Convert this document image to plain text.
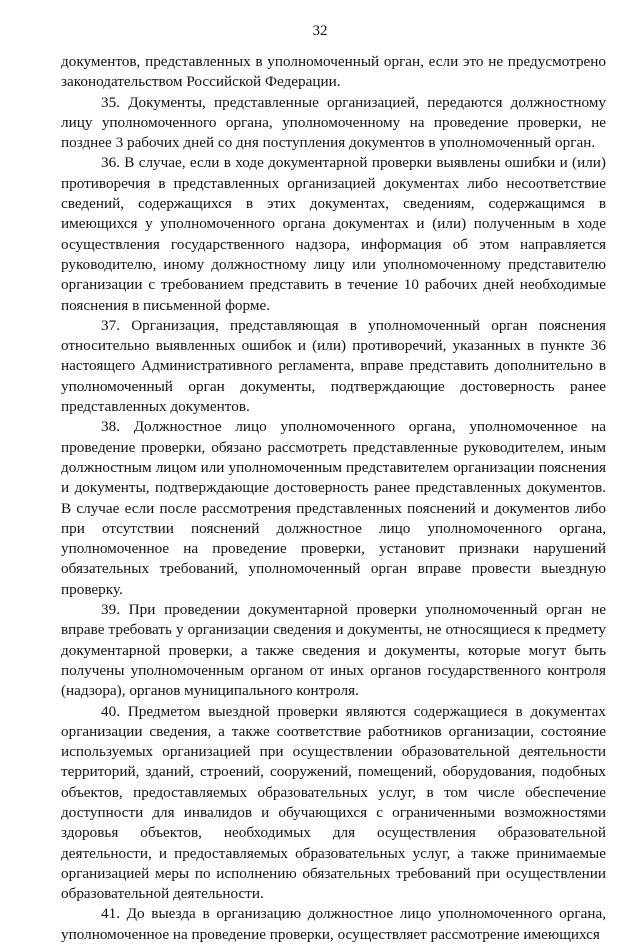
32

документов, представленных в уполномоченный орган, если это не предусмотрено законодательством Российской Федерации.

35. Документы, представленные организацией, передаются должностному лицу уполномоченного органа, уполномоченному на проведение проверки, не позднее 3 рабочих дней со дня поступления документов в уполномоченный орган.

36. В случае, если в ходе документарной проверки выявлены ошибки и (или) противоречия в представленных организацией документах либо несоответствие сведений, содержащихся в этих документах, сведениям, содержащимся в имеющихся у уполномоченного органа документах и (или) полученным в ходе осуществления государственного надзора, информация об этом направляется руководителю, иному должностному лицу или уполномоченному представителю организации с требованием представить в течение 10 рабочих дней необходимые пояснения в письменной форме.

37. Организация, представляющая в уполномоченный орган пояснения относительно выявленных ошибок и (или) противоречий, указанных в пункте 36 настоящего Административного регламента, вправе представить дополнительно в уполномоченный орган документы, подтверждающие достоверность ранее представленных документов.

38. Должностное лицо уполномоченного органа, уполномоченное на проведение проверки, обязано рассмотреть представленные руководителем, иным должностным лицом или уполномоченным представителем организации пояснения и документы, подтверждающие достоверность ранее представленных документов. В случае если после рассмотрения представленных пояснений и документов либо при отсутствии пояснений должностное лицо уполномоченного органа, уполномоченное на проведение проверки, установит признаки нарушений обязательных требований, уполномоченный орган вправе провести выездную проверку.

39. При проведении документарной проверки уполномоченный орган не вправе требовать у организации сведения и документы, не относящиеся к предмету документарной проверки, а также сведения и документы, которые могут быть получены уполномоченным органом от иных органов государственного контроля (надзора), органов муниципального контроля.

40. Предметом выездной проверки являются содержащиеся в документах организации сведения, а также соответствие работников организации, состояние используемых организацией при осуществлении образовательной деятельности территорий, зданий, строений, сооружений, помещений, оборудования, подобных объектов, предоставляемых образовательных услуг, в том числе обеспечение доступности для инвалидов и обучающихся с ограниченными возможностями здоровья объектов, необходимых для осуществления образовательной деятельности, и предоставляемых образовательных услуг, а также принимаемые организацией меры по исполнению обязательных требований при осуществлении образовательной деятельности.

41. До выезда в организацию должностное лицо уполномоченного органа, уполномоченное на проведение проверки, осуществляет рассмотрение имеющихся
